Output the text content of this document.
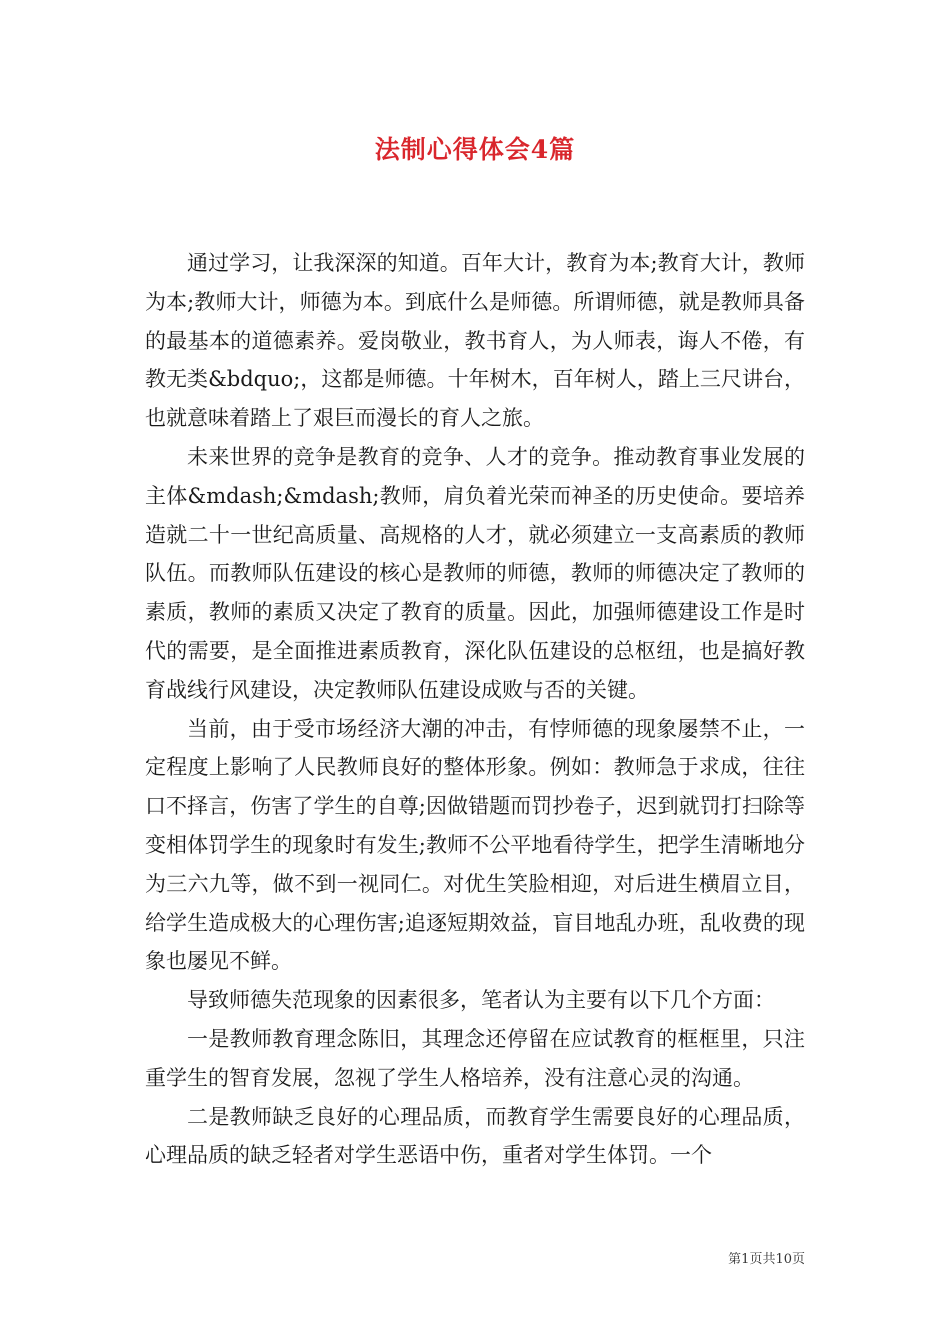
法制心得体会4篇

通过学习，让我深深的知道。百年大计，教育为本;教育大计，教师为本;教师大计，师德为本。到底什么是师德。所谓师德，就是教师具备的最基本的道德素养。爱岗敬业，教书育人，为人师表，诲人不倦，有教无类&bdquo;，这都是师德。十年树木，百年树人，踏上三尺讲台，也就意味着踏上了艰巨而漫长的育人之旅。

未来世界的竞争是教育的竞争、人才的竞争。推动教育事业发展的主体&mdash;&mdash;教师，肩负着光荣而神圣的历史使命。要培养造就二十一世纪高质量、高规格的人才，就必须建立一支高素质的教师队伍。而教师队伍建设的核心是教师的师德，教师的师德决定了教师的素质，教师的素质又决定了教育的质量。因此，加强师德建设工作是时代的需要，是全面推进素质教育，深化队伍建设的总枢纽，也是搞好教育战线行风建设，决定教师队伍建设成败与否的关键。

当前，由于受市场经济大潮的冲击，有悖师德的现象屡禁不止，一定程度上影响了人民教师良好的整体形象。例如：教师急于求成，往往口不择言，伤害了学生的自尊;因做错题而罚抄卷子，迟到就罚打扫除等变相体罚学生的现象时有发生;教师不公平地看待学生，把学生清晰地分为三六九等，做不到一视同仁。对优生笑脸相迎，对后进生横眉立目，给学生造成极大的心理伤害;追逐短期效益，盲目地乱办班，乱收费的现象也屡见不鲜。

导致师德失范现象的因素很多，笔者认为主要有以下几个方面：

一是教师教育理念陈旧，其理念还停留在应试教育的框框里，只注重学生的智育发展，忽视了学生人格培养，没有注意心灵的沟通。

二是教师缺乏良好的心理品质，而教育学生需要良好的心理品质，心理品质的缺乏轻者对学生恶语中伤，重者对学生体罚。一个

第1页共10页
